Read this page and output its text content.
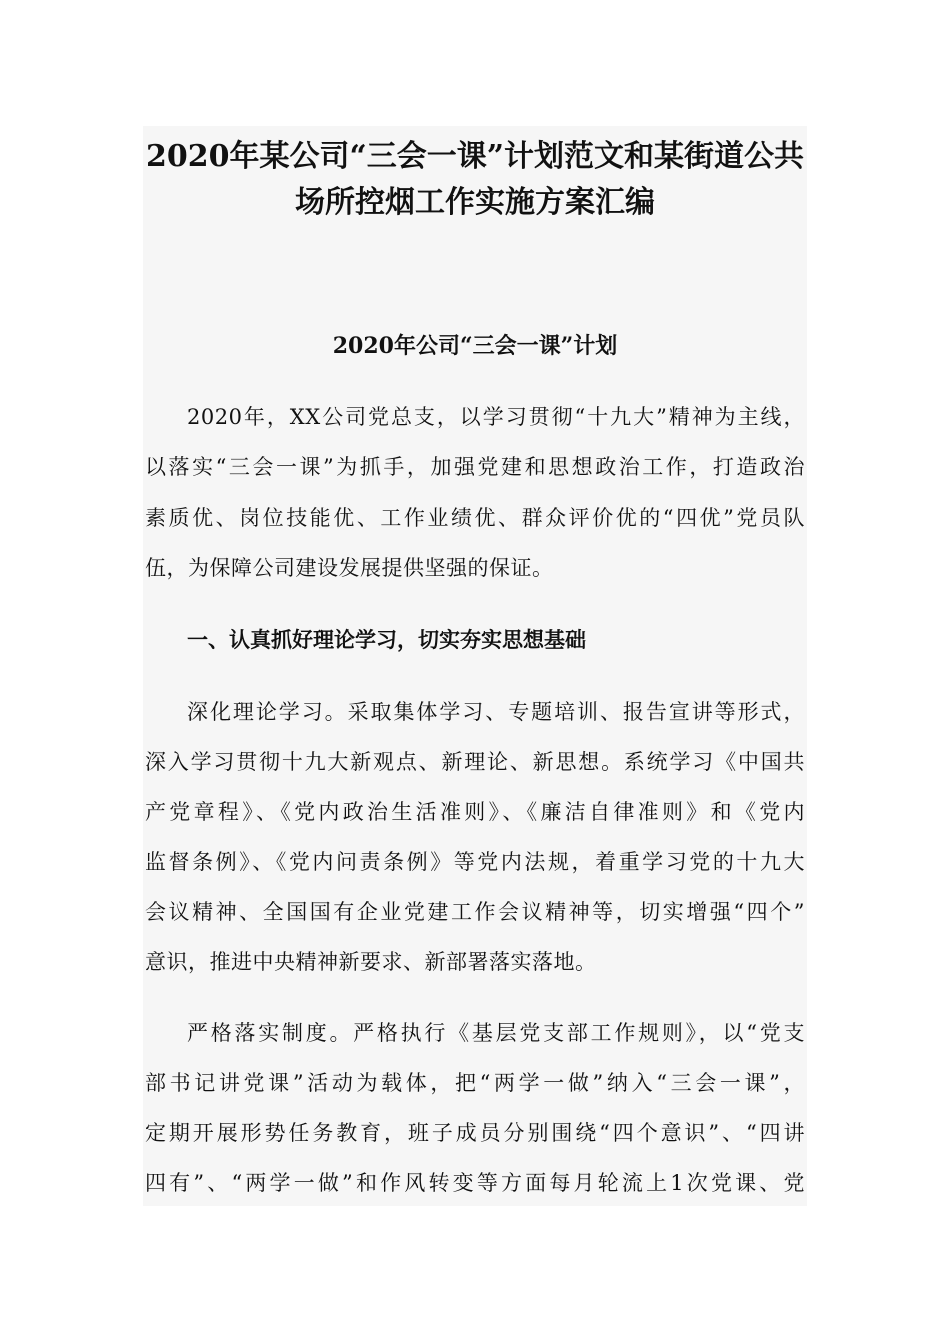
2020年某公司“三会一课”计划范文和某街道公共
场所控烟工作实施方案汇编
2020年公司“三会一课”计划
2020年，XX公司党总支，以学习贯彻“十九大”精神为主线，
以落实“三会一课”为抓手，加强党建和思想政治工作，打造政治
素质优、岗位技能优、工作业绩优、群众评价优的“四优”党员队
伍，为保障公司建设发展提供坚强的保证。
一、认真抓好理论学习，切实夯实思想基础
深化理论学习。采取集体学习、专题培训、报告宣讲等形式，
深入学习贯彻十九大新观点、新理论、新思想。系统学习《中国共
产党章程》、《党内政治生活准则》、《廉洁自律准则》和《党内
监督条例》、《党内问责条例》等党内法规，着重学习党的十九大
会议精神、全国国有企业党建工作会议精神等，切实增强“四个”
意识，推进中央精神新要求、新部署落实落地。
严格落实制度。严格执行《基层党支部工作规则》，以“党支
部书记讲党课”活动为载体，把“两学一做”纳入“三会一课”，
定期开展形势任务教育，班子成员分别围绕“四个意识”、“四讲
四有”、“两学一做”和作风转变等方面每月轮流上1次党课、党
